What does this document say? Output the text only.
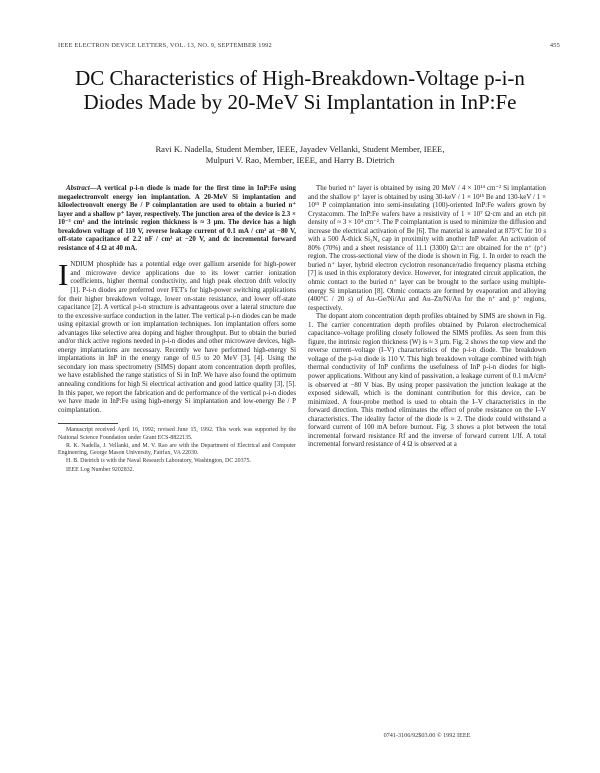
IEEE ELECTRON DEVICE LETTERS, VOL. 13, NO. 9, SEPTEMBER 1992	455
DC Characteristics of High-Breakdown-Voltage p-i-n Diodes Made by 20-MeV Si Implantation in InP:Fe
Ravi K. Nadella, Student Member, IEEE, Jayadev Vellanki, Student Member, IEEE,
Mulpuri V. Rao, Member, IEEE, and Harry B. Dietrich

Abstract—A vertical p-i-n diode is made for the first time in InP:Fe using megaelectronvolt energy ion implantation. A 20-MeV Si implantation and kiloelectronvolt energy Be / P coimplantation are used to obtain a buried n⁺ layer and a shallow p⁺ layer, respectively. The junction area of the device is 2.3 × 10⁻³ cm² and the intrinsic region thickness is ≈ 3 µm. The device has a high breakdown voltage of 110 V, reverse leakage current of 0.1 mA / cm² at −80 V, off-state capacitance of 2.2 nF / cm² at −20 V, and dc incremental forward resistance of 4 Ω at 40 mA.

INDIUM phosphide has a potential edge over gallium arsenide for high-power and microwave device applications due to its lower carrier ionization coefficients, higher thermal conductivity, and high peak electron drift velocity [1]. P-i-n diodes are preferred over FET's for high-power switching applications for their higher breakdown voltage, lower on-state resistance, and lower off-state capacitance [2]. A vertical p-i-n structure is advantageous over a lateral structure due to the excessive surface conduction in the latter. The vertical p-i-n diodes can be made using epitaxial growth or ion implantation techniques. Ion implantation offers some advantages like selective area doping and higher throughput. But to obtain the buried and/or thick active regions needed in p-i-n diodes and other microwave devices, high-energy implantations are necessary. Recently we have performed high-energy Si implantations in InP in the energy range of 0.5 to 20 MeV [3], [4]. Using the secondary ion mass spectrometry (SIMS) dopant atom concentration depth profiles, we have established the range statistics of Si in InP. We have also found the optimum annealing conditions for high Si electrical activation and good lattice quality [3], [5]. In this paper, we report the fabrication and dc performance of the vertical p-i-n diodes we have made in InP:Fe using high-energy Si implantation and low-energy Be / P coimplantation.

Manuscript received April 16, 1992; revised June 15, 1992. This work was supported by the National Science Foundation under Grant ECS-8822135.

R. K. Nadella, J. Vellanki, and M. V. Rao are with the Department of Electrical and Computer Engineering, George Mason University, Fairfax, VA 22030.

H. B. Dietrich is with the Naval Research Laboratory, Washington, DC 20375.

IEEE Log Number 9202832.

The buried n⁺ layer is obtained by using 20 MeV / 4 × 10¹⁴ cm⁻² Si implantation and the shallow p⁺ layer is obtained by using 30-keV / 1 × 10¹⁵ Be and 130-keV / 1 × 10¹⁵ P coimplantation into semi-insulating (100)-oriented InP:Fe wafers grown by Crystacomm. The InP:Fe wafers have a resistivity of 1 × 10⁷ Ω·cm and an etch pit density of ≈ 3 × 10⁴ cm⁻². The P coimplantation is used to minimize the diffusion and increase the electrical activation of Be [6]. The material is annealed at 875°C for 10 s with a 500 Å-thick Si₃N₄ cap in proximity with another InP wafer. An activation of 80% (70%) and a sheet resistance of 11.1 (3300) Ω/□ are obtained for the n⁺ (p⁺) region. The cross-sectional view of the diode is shown in Fig. 1. In order to reach the buried n⁺ layer, hybrid electron cyclotron resonance/radio frequency plasma etching [7] is used in this exploratory device. However, for integrated circuit application, the ohmic contact to the buried n⁺ layer can be brought to the surface using multiple-energy Si implantation [8]. Ohmic contacts are formed by evaporation and alloying (400°C / 20 s) of Au–Ge/Ni/Au and Au–Zn/Ni/Au for the n⁺ and p⁺ regions, respectively.

The dopant atom concentration depth profiles obtained by SIMS are shown in Fig. 1. The carrier concentration depth profiles obtained by Polaron electrochemical capacitance–voltage profiling closely followed the SIMS profiles. As seen from this figure, the intrinsic region thickness (W) is ≈ 3 µm. Fig. 2 shows the top view and the reverse current–voltage (I–V) characteristics of the p-i-n diode. The breakdown voltage of the p-i-n diode is 110 V. This high breakdown voltage combined with high thermal conductivity of InP confirms the usefulness of InP p-i-n diodes for high-power applications. Without any kind of passivation, a leakage current of 0.1 mA/cm² is observed at −80 V bias. By using proper passivation the junction leakage at the exposed sidewall, which is the dominant contribution for this device, can be minimized. A four-probe method is used to obtain the I–V characteristics in the forward direction. This method eliminates the effect of probe resistance on the I–V characteristics. The ideality factor of the diode is ≈ 2. The diode could withstand a forward current of 100 mA before burnout. Fig. 3 shows a plot between the total incremental forward resistance Rf and the inverse of forward current 1/If. A total incremental forward resistance of 4 Ω is observed at a

0741-3106/92$03.00 © 1992 IEEE
